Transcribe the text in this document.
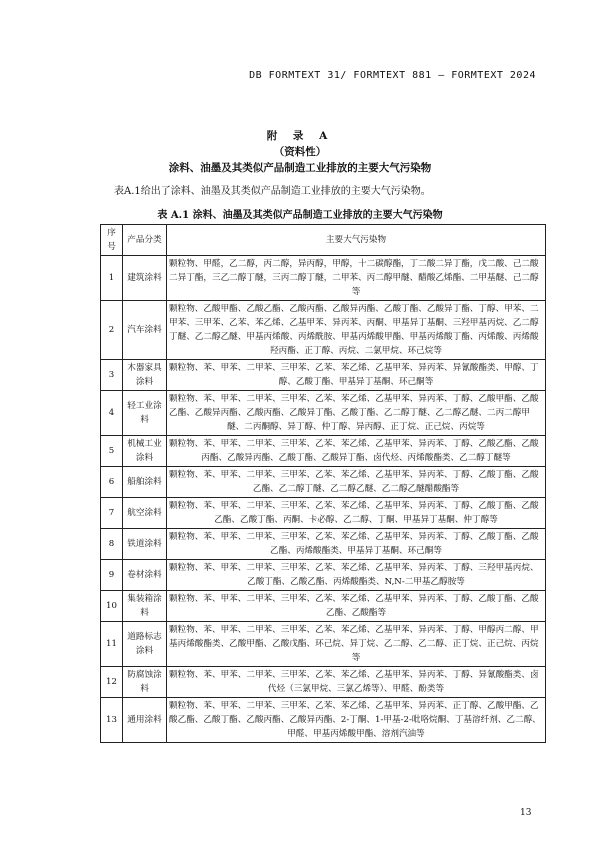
DB FORMTEXT 31/ FORMTEXT 881 — FORMTEXT 2024
附 录 A
（资料性）
涂料、油墨及其类似产品制造工业排放的主要大气污染物
表A.1给出了涂料、油墨及其类似产品制造工业排放的主要大气污染物。
表 A.1 涂料、油墨及其类似产品制造工业排放的主要大气污染物
序号	产品分类	主要大气污染物
1	建筑涂料	颗粒物、甲醛，乙二醇，丙二醇，异丙醇，甲醇，十二碳醇酯，丁二酸二异丁酯，戊二酸、己二酸二异丁酯，三乙二醇丁醚，三丙二醇丁醚，二甲苯、丙二醇甲醚、醋酸乙烯酯、二甲基醚、己二醇等
2	汽车涂料	颗粒物、乙酸甲酯、乙酸乙酯、乙酸丙酯、乙酸异丙酯、乙酸丁酯、乙酸异丁酯、丁醇、甲苯、二甲苯、三甲苯、乙苯、苯乙烯、乙基甲苯、异丙苯、丙酮、甲基异丁基酮、三羟甲基丙烷、乙二醇丁醚、乙二醇乙醚、甲基丙烯酸、丙烯酰胺、甲基丙烯酸甲酯、甲基丙烯酸丁酯、丙烯酸、丙烯酸羟丙酯、正丁醇、丙烷、二氯甲烷、环己烷等
3	木器家具涂料	颗粒物、苯、甲苯、二甲苯、三甲苯、乙苯、苯乙烯、乙基甲苯、异丙苯、异氰酸酯类、甲醇、丁醇、乙酸丁酯、甲基异丁基酮、环己酮等
4	轻工业涂料	颗粒物、苯、甲苯、二甲苯、三甲苯、乙苯、苯乙烯、乙基甲苯、异丙苯、丁醇、乙酸甲酯、乙酸乙酯、乙酸异丙酯、乙酸丙酯、乙酸异丁酯、乙酸丁酯、乙二醇丁醚、乙二醇乙醚、二丙二醇甲醚、二丙酮醇、异丁醇、仲丁醇、异丙醇、正丁烷、正己烷、丙烷等
5	机械工业涂料	颗粒物、苯、甲苯、二甲苯、三甲苯、乙苯、苯乙烯、乙基甲苯、异丙苯、丁醇、乙酸乙酯、乙酸丙酯、乙酸异丙酯、乙酸丁酯、乙酸异丁酯、卤代烃、丙烯酸酯类、乙二醇丁醚等
6	船舶涂料	颗粒物、苯、甲苯、二甲苯、三甲苯、乙苯、苯乙烯、乙基甲苯、异丙苯、丁醇、乙酸丁酯、乙酸乙酯、乙二醇丁醚、乙二醇乙醚、乙二醇乙醚醋酸酯等
7	航空涂料	颗粒物、苯、甲苯、二甲苯、三甲苯、乙苯、苯乙烯、乙基甲苯、异丙苯、丁醇、乙酸丁酯、乙酸乙酯、乙酸丁酯、丙酮、卡必醇、乙二醇、丁酮、甲基异丁基酮、仲丁醇等
8	铁道涂料	颗粒物、苯、甲苯、二甲苯、三甲苯、乙苯、苯乙烯、乙基甲苯、异丙苯、丁醇、乙酸丁酯、乙酸乙酯、丙烯酸酯类、甲基异丁基酮、环己酮等
9	卷材涂料	颗粒物、苯、甲苯、二甲苯、三甲苯、乙苯、苯乙烯、乙基甲苯、异丙苯、丁醇、三羟甲基丙烷、乙酸丁酯、乙酸乙酯、丙烯酸酯类、N,N-二甲基乙醇胺等
10	集装箱涂料	颗粒物、苯、甲苯、二甲苯、三甲苯、乙苯、苯乙烯、乙基甲苯、异丙苯、丁醇、乙酸丁酯、乙酸乙酯、乙酸酯等
11	道路标志涂料	颗粒物、苯、甲苯、二甲苯、三甲苯、乙苯、苯乙烯、乙基甲苯、异丙苯、丁醇、甲醇丙二醇、甲基丙烯酸酯类、乙酸甲酯、乙酸戊酯、环己烷、异丁烷、乙二醇、乙二醇、正丁烷、正己烷、丙烷等
12	防腐蚀涂料	颗粒物、苯、甲苯、二甲苯、三甲苯、乙苯、苯乙烯、乙基甲苯、异丙苯、丁醇、异氰酸酯类、卤代烃（三氯甲烷、三氯乙烯等）、甲醛、酚类等
13	通用涂料	颗粒物、苯、甲苯、二甲苯、三甲苯、乙苯、苯乙烯、乙基甲苯、异丙苯、正丁醇、乙酸甲酯、乙酸乙酯、乙酸丁酯、乙酸丙酯、乙酸异丙酯、2-丁酮、1-甲基-2-吡咯烷酮、丁基溶纤剂、乙二醇、甲醛、甲基丙烯酸甲酯、溶剂汽油等
13
